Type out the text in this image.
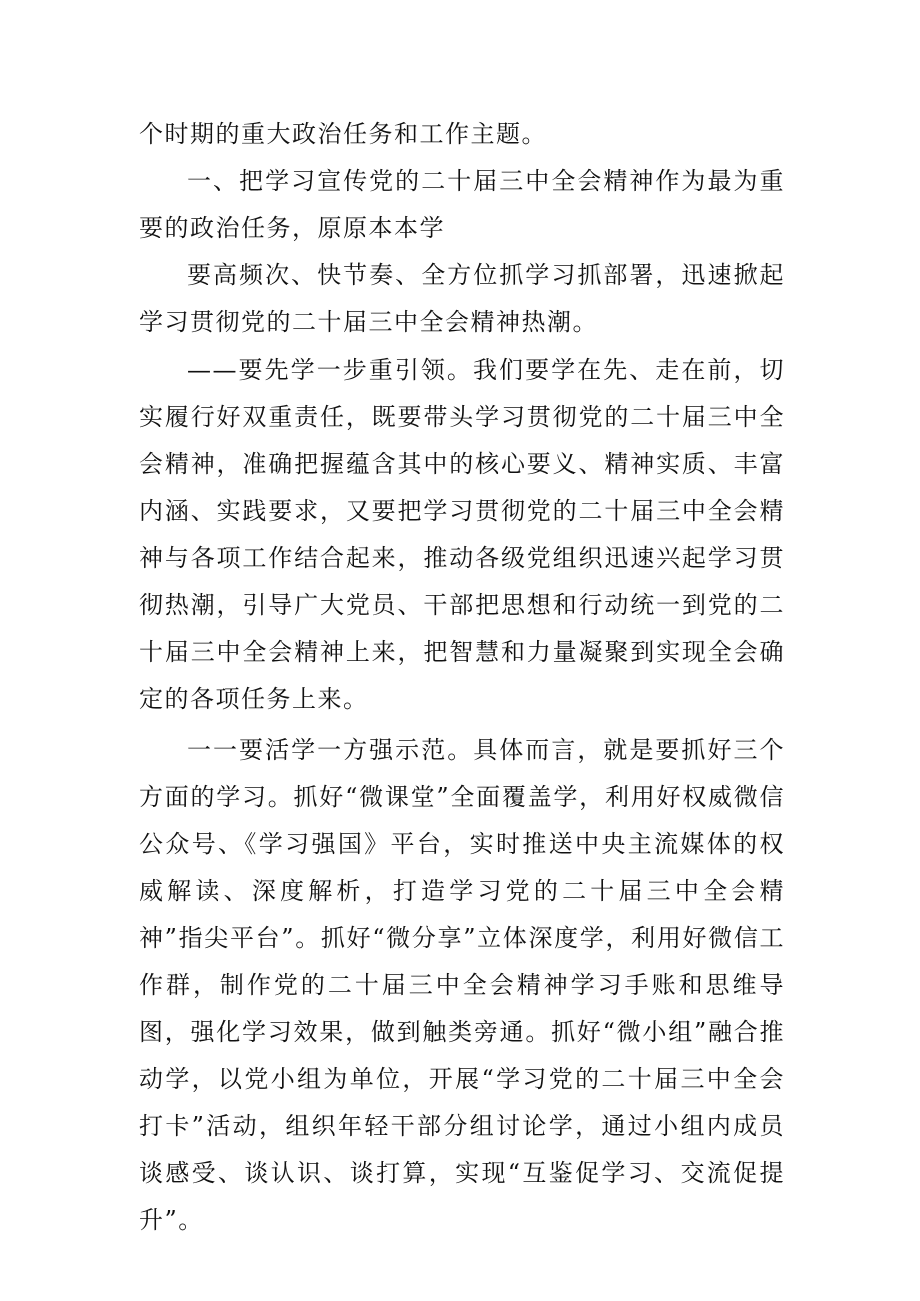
个时期的重大政治任务和工作主题。

一、把学习宣传党的二十届三中全会精神作为最为重要的政治任务，原原本本学

要高频次、快节奏、全方位抓学习抓部署，迅速掀起学习贯彻党的二十届三中全会精神热潮。

——要先学一步重引领。我们要学在先、走在前，切实履行好双重责任，既要带头学习贯彻党的二十届三中全会精神，准确把握蕴含其中的核心要义、精神实质、丰富内涵、实践要求，又要把学习贯彻党的二十届三中全会精神与各项工作结合起来，推动各级党组织迅速兴起学习贯彻热潮，引导广大党员、干部把思想和行动统一到党的二十届三中全会精神上来，把智慧和力量凝聚到实现全会确定的各项任务上来。

一一要活学一方强示范。具体而言，就是要抓好三个方面的学习。抓好“微课堂”全面覆盖学，利用好权威微信公众号、《学习强国》平台，实时推送中央主流媒体的权威解读、深度解析，打造学习党的二十届三中全会精神”指尖平台”。抓好“微分享”立体深度学，利用好微信工作群，制作党的二十届三中全会精神学习手账和思维导图，强化学习效果，做到触类旁通。抓好“微小组”融合推动学，以党小组为单位，开展“学习党的二十届三中全会打卡”活动，组织年轻干部分组讨论学，通过小组内成员谈感受、谈认识、谈打算，实现“互鉴促学习、交流促提升”。
